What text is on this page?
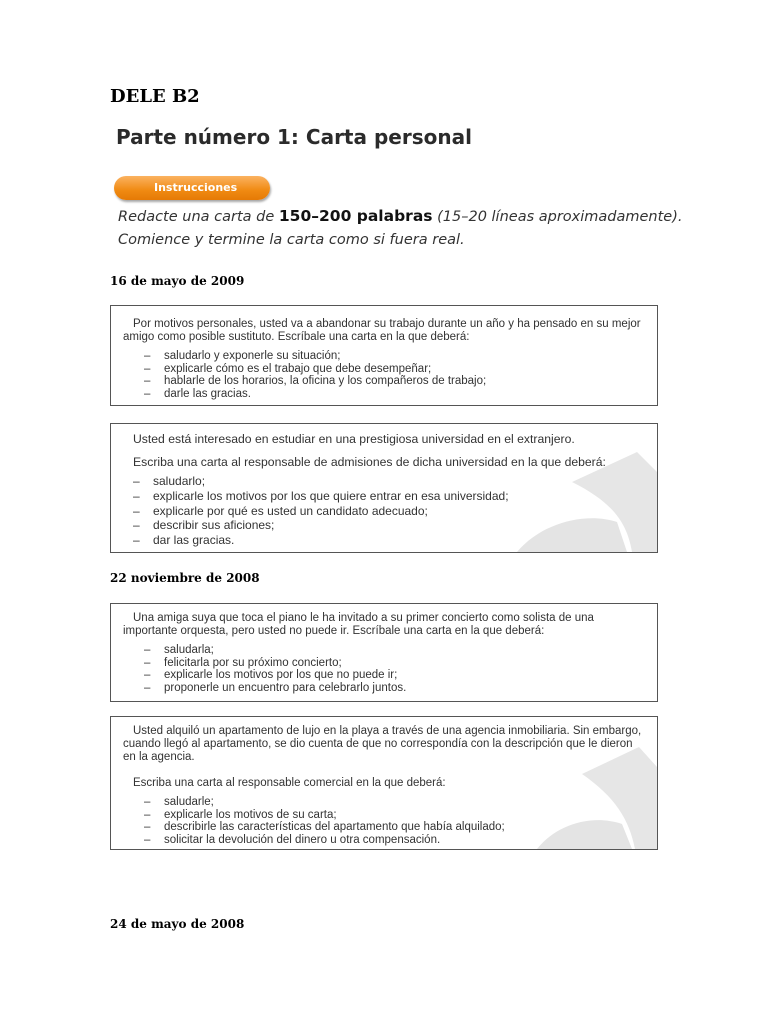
DELE B2
Parte número 1: Carta personal
Instrucciones
Redacte una carta de 150–200 palabras (15–20 líneas aproximadamente).
Comience y termine la carta como si fuera real.
16 de mayo de 2009
Por motivos personales, usted va a abandonar su trabajo durante un año y ha pensado en su mejor amigo como posible sustituto. Escríbale una carta en la que deberá:
– saludarlo y exponerle su situación;
– explicarle cómo es el trabajo que debe desempeñar;
– hablarle de los horarios, la oficina y los compañeros de trabajo;
– darle las gracias.
Usted está interesado en estudiar en una prestigiosa universidad en el extranjero.
Escriba una carta al responsable de admisiones de dicha universidad en la que deberá:
– saludarlo;
– explicarle los motivos por los que quiere entrar en esa universidad;
– explicarle por qué es usted un candidato adecuado;
– describir sus aficiones;
– dar las gracias.
22 noviembre de 2008
Una amiga suya que toca el piano le ha invitado a su primer concierto como solista de una importante orquesta, pero usted no puede ir. Escríbale una carta en la que deberá:
– saludarla;
– felicitarla por su próximo concierto;
– explicarle los motivos por los que no puede ir;
– proponerle un encuentro para celebrarlo juntos.
Usted alquiló un apartamento de lujo en la playa a través de una agencia inmobiliaria. Sin embargo, cuando llegó al apartamento, se dio cuenta de que no correspondía con la descripción que le dieron en la agencia.
Escriba una carta al responsable comercial en la que deberá:
– saludarle;
– explicarle los motivos de su carta;
– describirle las características del apartamento que había alquilado;
– solicitar la devolución del dinero u otra compensación.
24 de mayo de 2008
